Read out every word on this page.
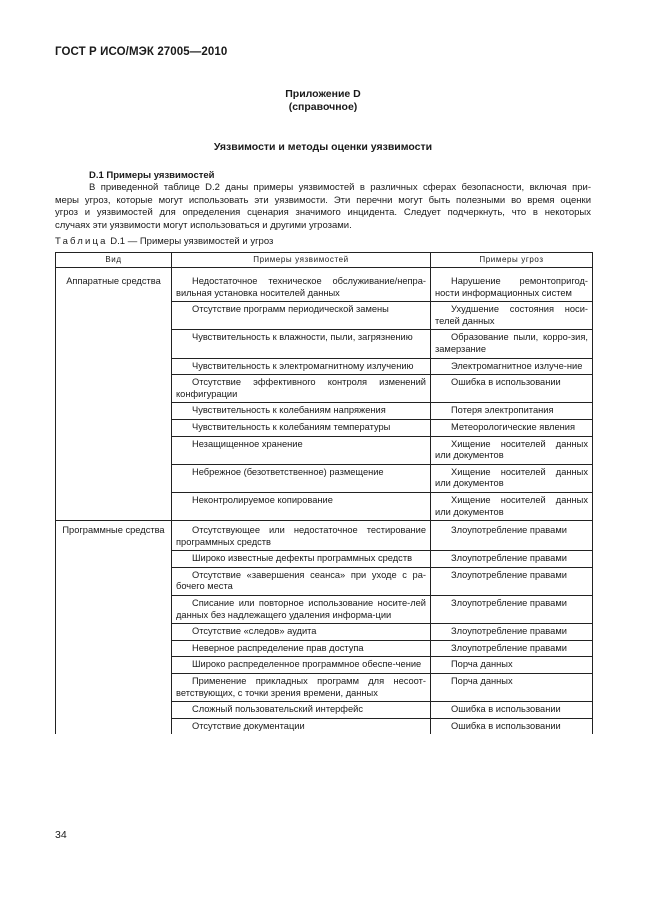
ГОСТ Р ИСО/МЭК 27005—2010
Приложение D
(справочное)
Уязвимости и методы оценки уязвимости
D.1 Примеры уязвимостей
В приведенной таблице D.2 даны примеры уязвимостей в различных сферах безопасности, включая при-
меры угроз, которые могут использовать эти уязвимости. Эти перечни могут быть полезными во время оценки
угроз и уязвимостей для определения сценария значимого инцидента. Следует подчеркнуть, что в некоторых
случаях эти уязвимости могут использоваться и другими угрозами.
Таблица D.1 — Примеры уязвимостей и угроз
Вид	Примеры уязвимостей	Примеры угроз
Аппаратные средства	Недостаточное техническое обслуживание/непра-вильная установка носителей данных	Нарушение ремонтопригод-ности информационных систем
	Отсутствие программ периодической замены	Ухудшение состояния носи-телей данных
	Чувствительность к влажности, пыли, загрязнению	Образование пыли, корро-зия, замерзание
	Чувствительность к электромагнитному излучению	Электромагнитное излуче-ние
	Отсутствие эффективного контроля изменений конфигурации	Ошибка в использовании
	Чувствительность к колебаниям напряжения	Потеря электропитания
	Чувствительность к колебаниям температуры	Метеорологические явления
	Незащищенное хранение	Хищение носителей данных или документов
	Небрежное (безответственное) размещение	Хищение носителей данных или документов
	Неконтролируемое копирование	Хищение носителей данных или документов
Программные средства	Отсутствующее или недостаточное тестирование программных средств	Злоупотребление правами
	Широко известные дефекты программных средств	Злоупотребление правами
	Отсутствие «завершения сеанса» при уходе с ра-бочего места	Злоупотребление правами
	Списание или повторное использование носите-лей данных без надлежащего удаления информа-ции	Злоупотребление правами
	Отсутствие «следов» аудита	Злоупотребление правами
	Неверное распределение прав доступа	Злоупотребление правами
	Широко распределенное программное обеспе-чение	Порча данных
	Применение прикладных программ для несоот-ветствующих, с точки зрения времени, данных	Порча данных
	Сложный пользовательский интерфейс	Ошибка в использовании
	Отсутствие документации	Ошибка в использовании
34
